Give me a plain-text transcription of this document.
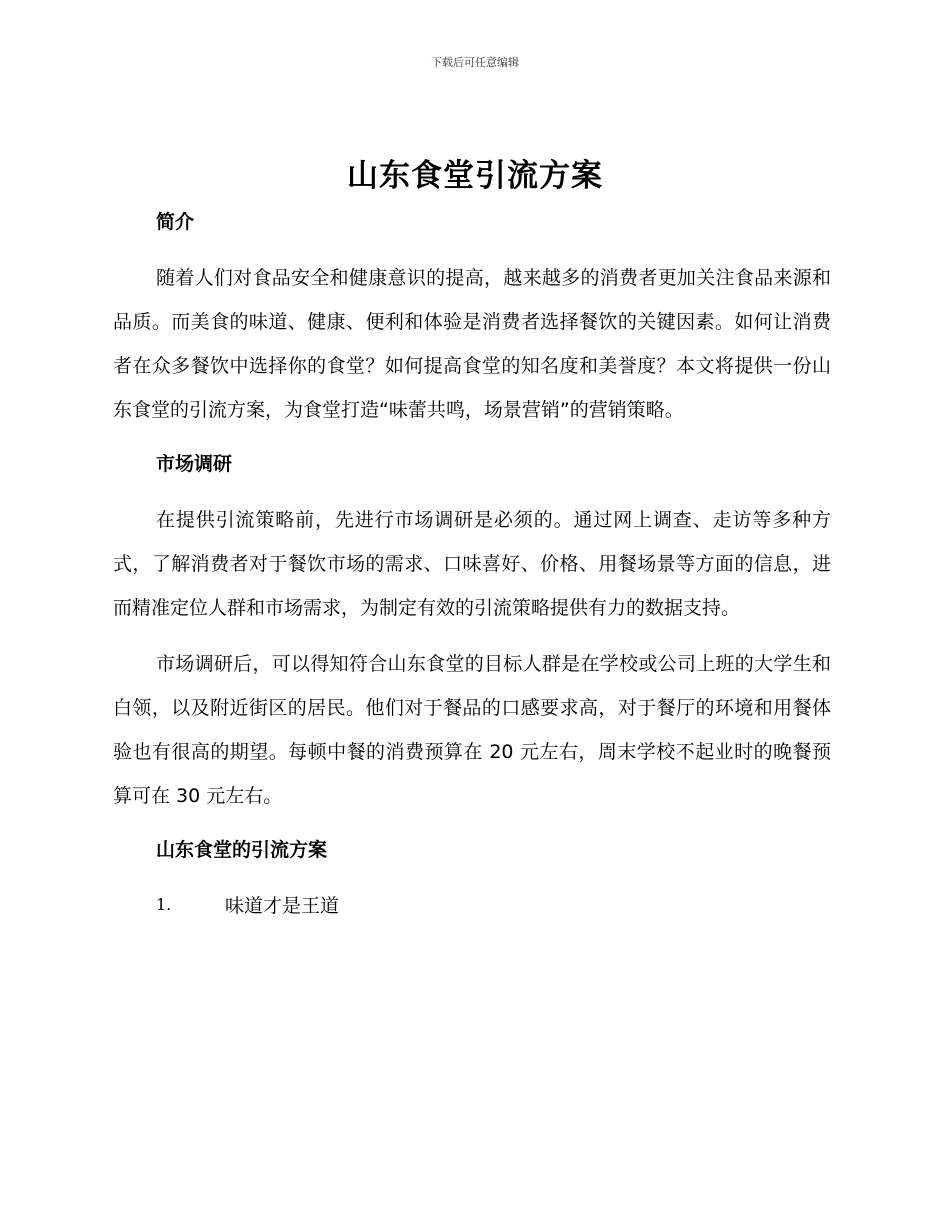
下载后可任意编辑
山东食堂引流方案
简介

随着人们对食品安全和健康意识的提高，越来越多的消费者更加关注食品来源和品质。而美食的味道、健康、便利和体验是消费者选择餐饮的关键因素。如何让消费者在众多餐饮中选择你的食堂？如何提高食堂的知名度和美誉度？本文将提供一份山东食堂的引流方案，为食堂打造“味蕾共鸣，场景营销”的营销策略。

市场调研

在提供引流策略前，先进行市场调研是必须的。通过网上调查、走访等多种方式，了解消费者对于餐饮市场的需求、口味喜好、价格、用餐场景等方面的信息，进而精准定位人群和市场需求，为制定有效的引流策略提供有力的数据支持。

市场调研后，可以得知符合山东食堂的目标人群是在学校或公司上班的大学生和白领，以及附近街区的居民。他们对于餐品的口感要求高，对于餐厅的环境和用餐体验也有很高的期望。每顿中餐的消费预算在 20 元左右，周末学校不起业时的晚餐预算可在 30 元左右。

山东食堂的引流方案
1.	味道才是王道
